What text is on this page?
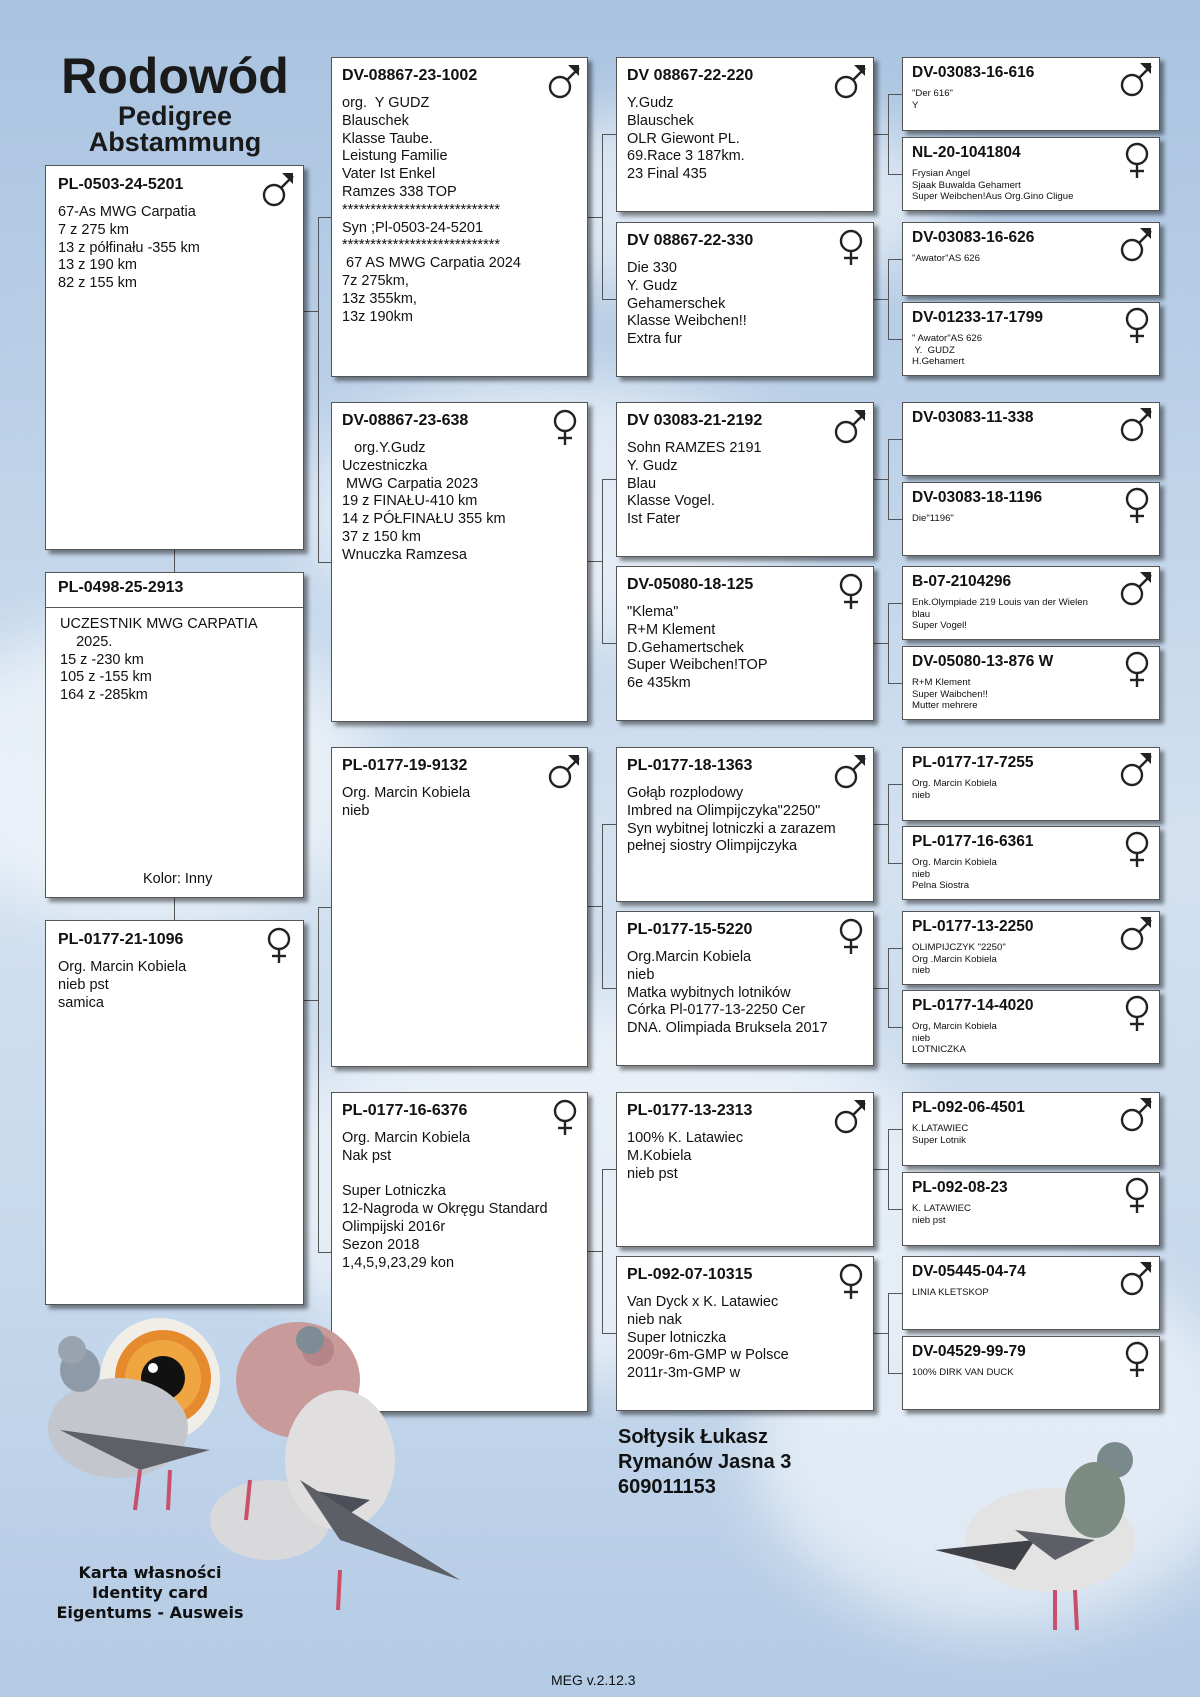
Rodowód
Pedigree
Abstammung
PL-0503-24-5201
67-As MWG Carpatia
7 z 275 km
13 z półfinału -355 km
13 z 190 km
82 z 155 km
PL-0498-25-2913
UCZESTNIK MWG CARPATIA
2025.
15 z -230 km
105 z -155 km
164 z -285km
Kolor: Inny
PL-0177-21-1096
Org. Marcin Kobiela
nieb pst
samica
DV-08867-23-1002
org.  Y GUDZ
Blauschek
Klasse Taube.
Leistung Familie
Vater Ist Enkel
Ramzes 338 TOP
****************************
Syn ;Pl-0503-24-5201
****************************
67 AS MWG Carpatia 2024
7z 275km,
13z 355km,
13z 190km
DV-08867-23-638
org.Y.Gudz
Uczestniczka
MWG Carpatia 2023
19 z FINAŁU-410 km
14 z PÓŁFINAŁU 355 km
37 z 150 km
Wnuczka Ramzesa
PL-0177-19-9132
Org. Marcin Kobiela
nieb
PL-0177-16-6376
Org. Marcin Kobiela
Nak pst

Super Lotniczka
12-Nagroda w Okręgu Standard
Olimpijski 2016r
Sezon 2018
1,4,5,9,23,29 kon
DV 08867-22-220
Y.Gudz
Blauschek
OLR Giewont PL.
69.Race 3 187km.
23 Final 435
DV 08867-22-330
Die 330
Y. Gudz
Gehamerschek
Klasse Weibchen!!
Extra fur
DV 03083-21-2192
Sohn RAMZES 2191
Y. Gudz
Blau
Klasse Vogel.
Ist Fater
DV-05080-18-125
"Klema"
R+M Klement
D.Gehamertschek
Super Weibchen!TOP
6e 435km
PL-0177-18-1363
Gołąb rozplodowy
Imbred na Olimpijczyka"2250"
Syn wybitnej lotniczki a zarazem
pełnej siostry Olimpijczyka
PL-0177-15-5220
Org.Marcin Kobiela
nieb
Matka wybitnych lotników
Córka Pl-0177-13-2250 Cer
DNA. Olimpiada Bruksela 2017
PL-0177-13-2313
100% K. Latawiec
M.Kobiela
nieb pst
PL-092-07-10315
Van Dyck x K. Latawiec
nieb nak
Super lotniczka
2009r-6m-GMP w Polsce
2011r-3m-GMP w
DV-03083-16-616
"Der 616"
Y
NL-20-1041804
Frysian Angel
Sjaak Buwalda Gehamert
Super Weibchen!Aus Org.Gino Cligue
DV-03083-16-626
"Awator"AS 626
DV-01233-17-1799
" Awator"AS 626
Y.  GUDZ
H.Gehamert
DV-03083-11-338
DV-03083-18-1196
Die"1196"
B-07-2104296
Enk.Olympiade 219 Louis van der Wielen
blau
Super Vogel!
DV-05080-13-876 W
R+M Klement
Super Waibchen!!
Mutter mehrere
PL-0177-17-7255
Org. Marcin Kobiela
nieb
PL-0177-16-6361
Org. Marcin Kobiela
nieb
Pelna Siostra
PL-0177-13-2250
OLIMPIJCZYK "2250"
Org .Marcin Kobiela
nieb
PL-0177-14-4020
Org, Marcin Kobiela
nieb
LOTNICZKA
PL-092-06-4501
K.LATAWIEC
Super Lotnik
PL-092-08-23
K. LATAWIEC
nieb pst
DV-05445-04-74
LINIA KLETSKOP
DV-04529-99-79
100% DIRK VAN DUCK
Sołtysik Łukasz
Rymanów Jasna 3
609011153
Karta własności
Identity card
Eigentums - Ausweis
MEG v.2.12.3
